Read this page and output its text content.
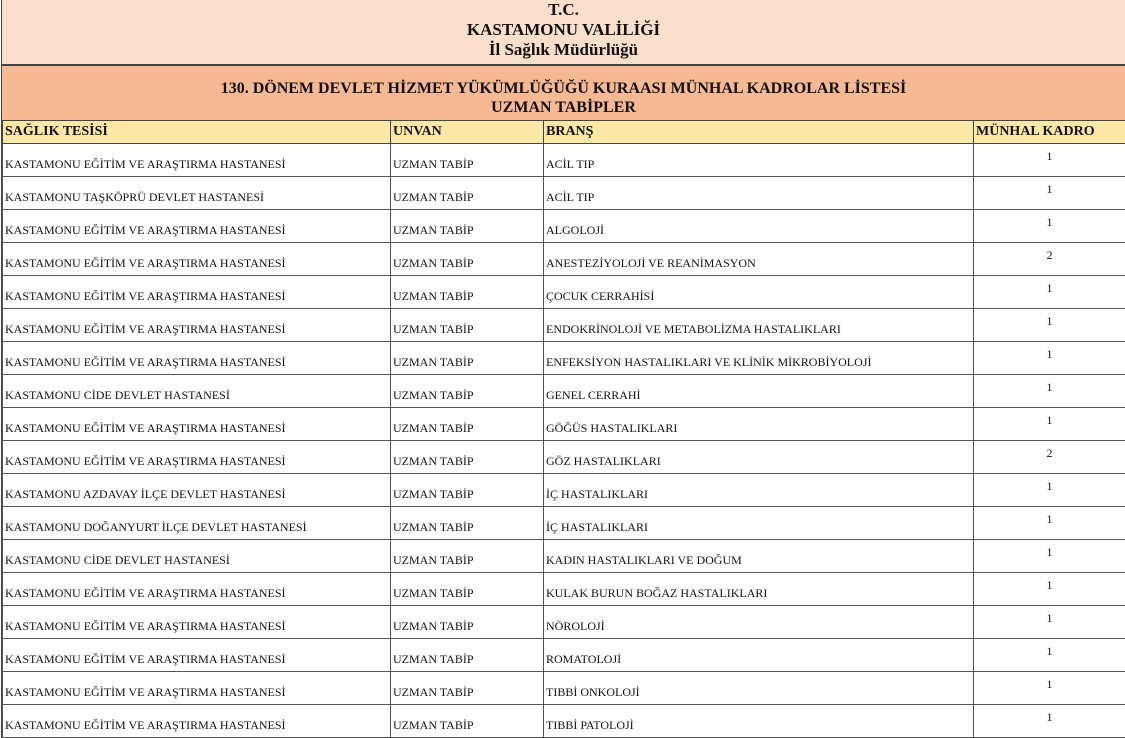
T.C.
KASTAMONU VALİLİĞİ
İl Sağlık Müdürlüğü
130. DÖNEM DEVLET HİZMET YÜKÜMLÜĞÜĞÜ KURAASI MÜNHAL KADROLAR LİSTESİ
UZMAN TABİPLER
SAĞLIK TESİSİ	UNVAN	BRANŞ	MÜNHAL KADRO
KASTAMONU EĞİTİM VE ARAŞTIRMA HASTANESİ	UZMAN TABİP	ACİL TIP	1
KASTAMONU TAŞKÖPRÜ DEVLET HASTANESİ	UZMAN TABİP	ACİL TIP	1
KASTAMONU EĞİTİM VE ARAŞTIRMA HASTANESİ	UZMAN TABİP	ALGOLOJİ	1
KASTAMONU EĞİTİM VE ARAŞTIRMA HASTANESİ	UZMAN TABİP	ANESTEZİYOLOJİ VE REANİMASYON	2
KASTAMONU EĞİTİM VE ARAŞTIRMA HASTANESİ	UZMAN TABİP	ÇOCUK CERRAHİSİ	1
KASTAMONU EĞİTİM VE ARAŞTIRMA HASTANESİ	UZMAN TABİP	ENDOKRİNOLOJİ VE METABOLİZMA HASTALIKLARI	1
KASTAMONU EĞİTİM VE ARAŞTIRMA HASTANESİ	UZMAN TABİP	ENFEKSİYON HASTALIKLARI VE KLİNİK MİKROBİYOLOJİ	1
KASTAMONU CİDE DEVLET HASTANESİ	UZMAN TABİP	GENEL CERRAHİ	1
KASTAMONU EĞİTİM VE ARAŞTIRMA HASTANESİ	UZMAN TABİP	GÖĞÜS HASTALIKLARI	1
KASTAMONU EĞİTİM VE ARAŞTIRMA HASTANESİ	UZMAN TABİP	GÖZ HASTALIKLARI	2
KASTAMONU AZDAVAY İLÇE DEVLET HASTANESİ	UZMAN TABİP	İÇ HASTALIKLARI	1
KASTAMONU DOĞANYURT İLÇE DEVLET HASTANESİ	UZMAN TABİP	İÇ HASTALIKLARI	1
KASTAMONU CİDE DEVLET HASTANESİ	UZMAN TABİP	KADIN HASTALIKLARI VE DOĞUM	1
KASTAMONU EĞİTİM VE ARAŞTIRMA HASTANESİ	UZMAN TABİP	KULAK BURUN BOĞAZ HASTALIKLARI	1
KASTAMONU EĞİTİM VE ARAŞTIRMA HASTANESİ	UZMAN TABİP	NÖROLOJİ	1
KASTAMONU EĞİTİM VE ARAŞTIRMA HASTANESİ	UZMAN TABİP	ROMATOLOJİ	1
KASTAMONU EĞİTİM VE ARAŞTIRMA HASTANESİ	UZMAN TABİP	TIBBİ ONKOLOJİ	1
KASTAMONU EĞİTİM VE ARAŞTIRMA HASTANESİ	UZMAN TABİP	TIBBİ PATOLOJİ	1
